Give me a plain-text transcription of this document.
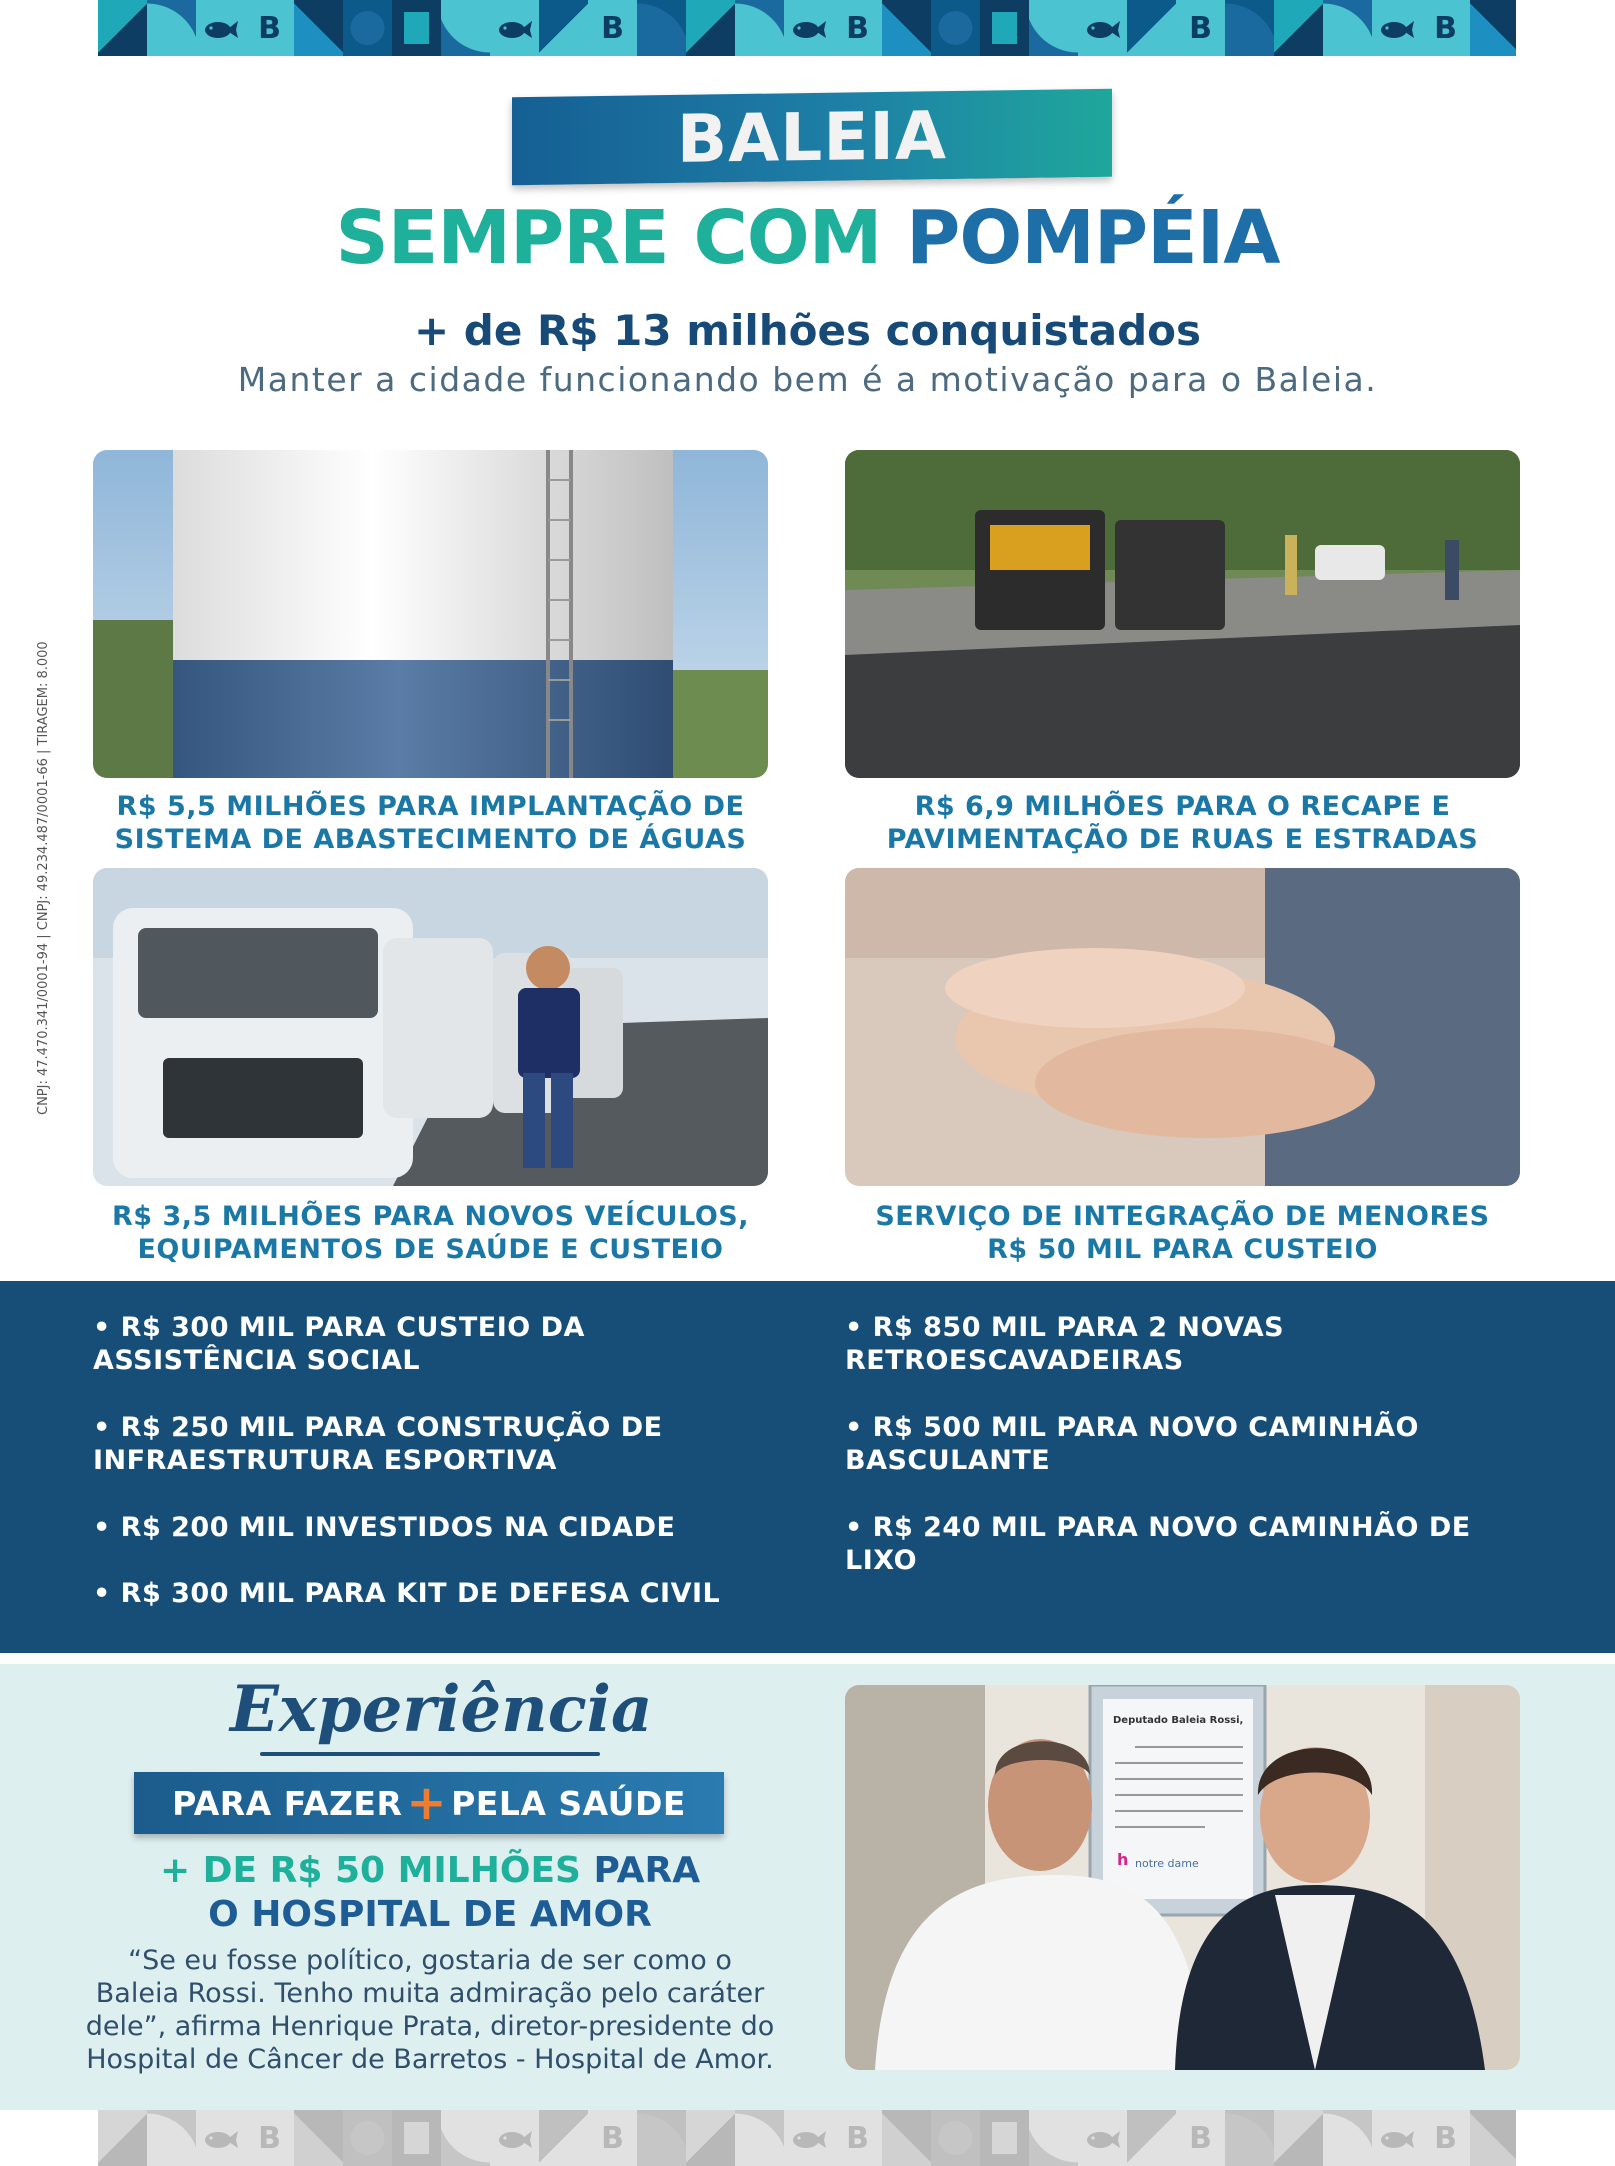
B	B	B	B	B
BALEIA
SEMPRE COM POMPÉIA
+ de R$ 13 milhões conquistados
Manter a cidade funcionando bem é a motivação para o Baleia.
CNPJ: 47.470.341/0001-94 | CNPJ: 49.234.487/0001-66 | TIRAGEM: 8.000	R$ 5,5 MILHÕES PARA IMPLANTAÇÃO DE
SISTEMA DE ABASTECIMENTO DE ÁGUAS
R$ 6,9 MILHÕES PARA O RECAPE E
PAVIMENTAÇÃO DE RUAS E ESTRADAS
R$ 3,5 MILHÕES PARA NOVOS VEÍCULOS,
EQUIPAMENTOS DE SAÚDE E CUSTEIO
SERVIÇO DE INTEGRAÇÃO DE MENORES
R$ 50 MIL PARA CUSTEIO
• R$ 300 MIL PARA CUSTEIO DA
ASSISTÊNCIA SOCIAL
• R$ 250 MIL PARA CONSTRUÇÃO DE
INFRAESTRUTURA ESPORTIVA
• R$ 200 MIL INVESTIDOS NA CIDADE
• R$ 300 MIL PARA KIT DE DEFESA CIVIL
• R$ 850 MIL PARA 2 NOVAS
RETROESCAVADEIRAS
• R$ 500 MIL PARA NOVO CAMINHÃO
BASCULANTE
• R$ 240 MIL PARA NOVO CAMINHÃO DE
LIXO
Experiência
PARA FAZER + PELA SAÚDE
+ DE R$ 50 MILHÕES PARA
O HOSPITAL DE AMOR
“Se eu fosse político, gostaria de ser como o
Baleia Rossi. Tenho muita admiração pelo caráter
dele”, afirma Henrique Prata, diretor-presidente do
Hospital de Câncer de Barretos - Hospital de Amor.
Deputado Baleia Rossi,
h notre dame
B	B	B	B	B
